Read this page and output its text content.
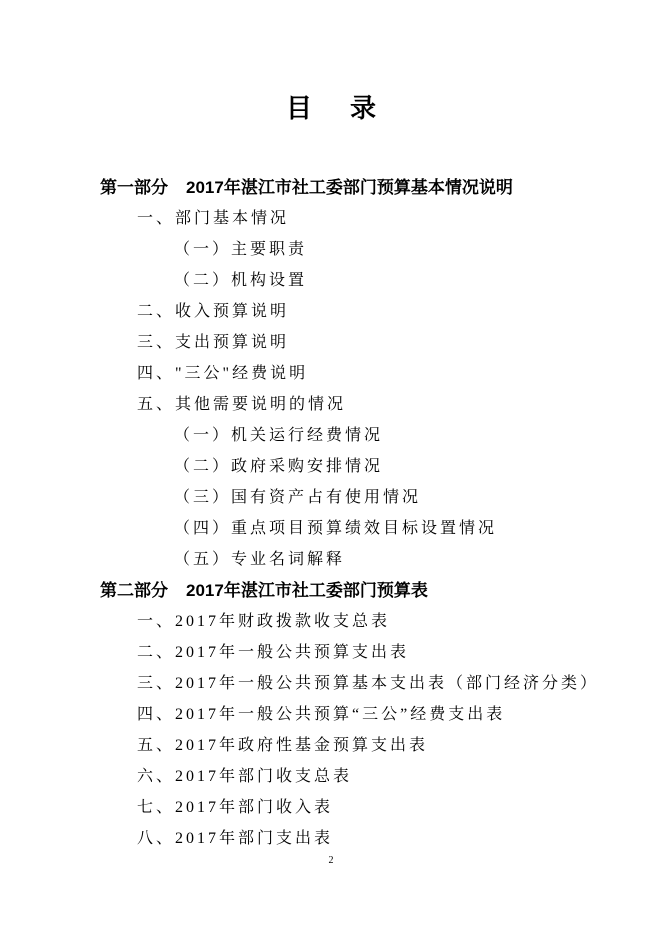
目录
第一部分 2017年湛江市社工委部门预算基本情况说明
一、部门基本情况
（一）主要职责
（二）机构设置
二、收入预算说明
三、支出预算说明
四、"三公"经费说明
五、其他需要说明的情况
（一）机关运行经费情况
（二）政府采购安排情况
（三）国有资产占有使用情况
（四）重点项目预算绩效目标设置情况
（五）专业名词解释
第二部分 2017年湛江市社工委部门预算表
一、2017年财政拨款收支总表
二、2017年一般公共预算支出表
三、2017年一般公共预算基本支出表（部门经济分类）
四、2017年一般公共预算“三公”经费支出表
五、2017年政府性基金预算支出表
六、2017年部门收支总表
七、2017年部门收入表
八、2017年部门支出表
2
